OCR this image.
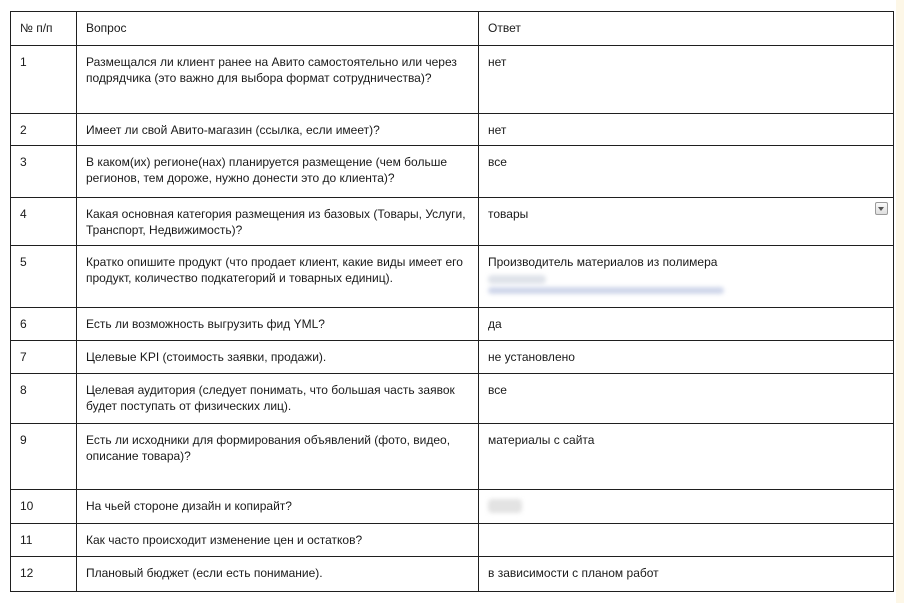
№ п/п	Вопрос	Ответ
1	Размещался ли клиент ранее на Авито самостоятельно или через подрядчика (это важно для выбора формат сотрудничества)?	нет
2	Имеет ли свой Авито-магазин (ссылка, если имеет)?	нет
3	В каком(их) регионе(нах) планируется размещение (чем больше регионов, тем дороже, нужно донести это до клиента)?	все
4	Какая основная категория размещения из базовых (Товары, Услуги, Транспорт, Недвижимость)?	товары

5	Кратко опишите продукт (что продает клиент, какие виды имеет его продукт, количество подкатегорий и товарных единиц).	Производитель материалов из полимера

6	Есть ли возможность выгрузить фид YML?	да
7	Целевые KPI (стоимость заявки, продажи).	не установлено
8	Целевая аудитория (следует понимать, что большая часть заявок будет поступать от физических лиц).	все
9	Есть ли исходники для формирования объявлений (фото, видео, описание товара)?	материалы с сайта
10	На чьей стороне дизайн и копирайт?	

11	Как часто происходит изменение цен и остатков?	
12	Плановый бюджет (если есть понимание).	в зависимости с планом работ
